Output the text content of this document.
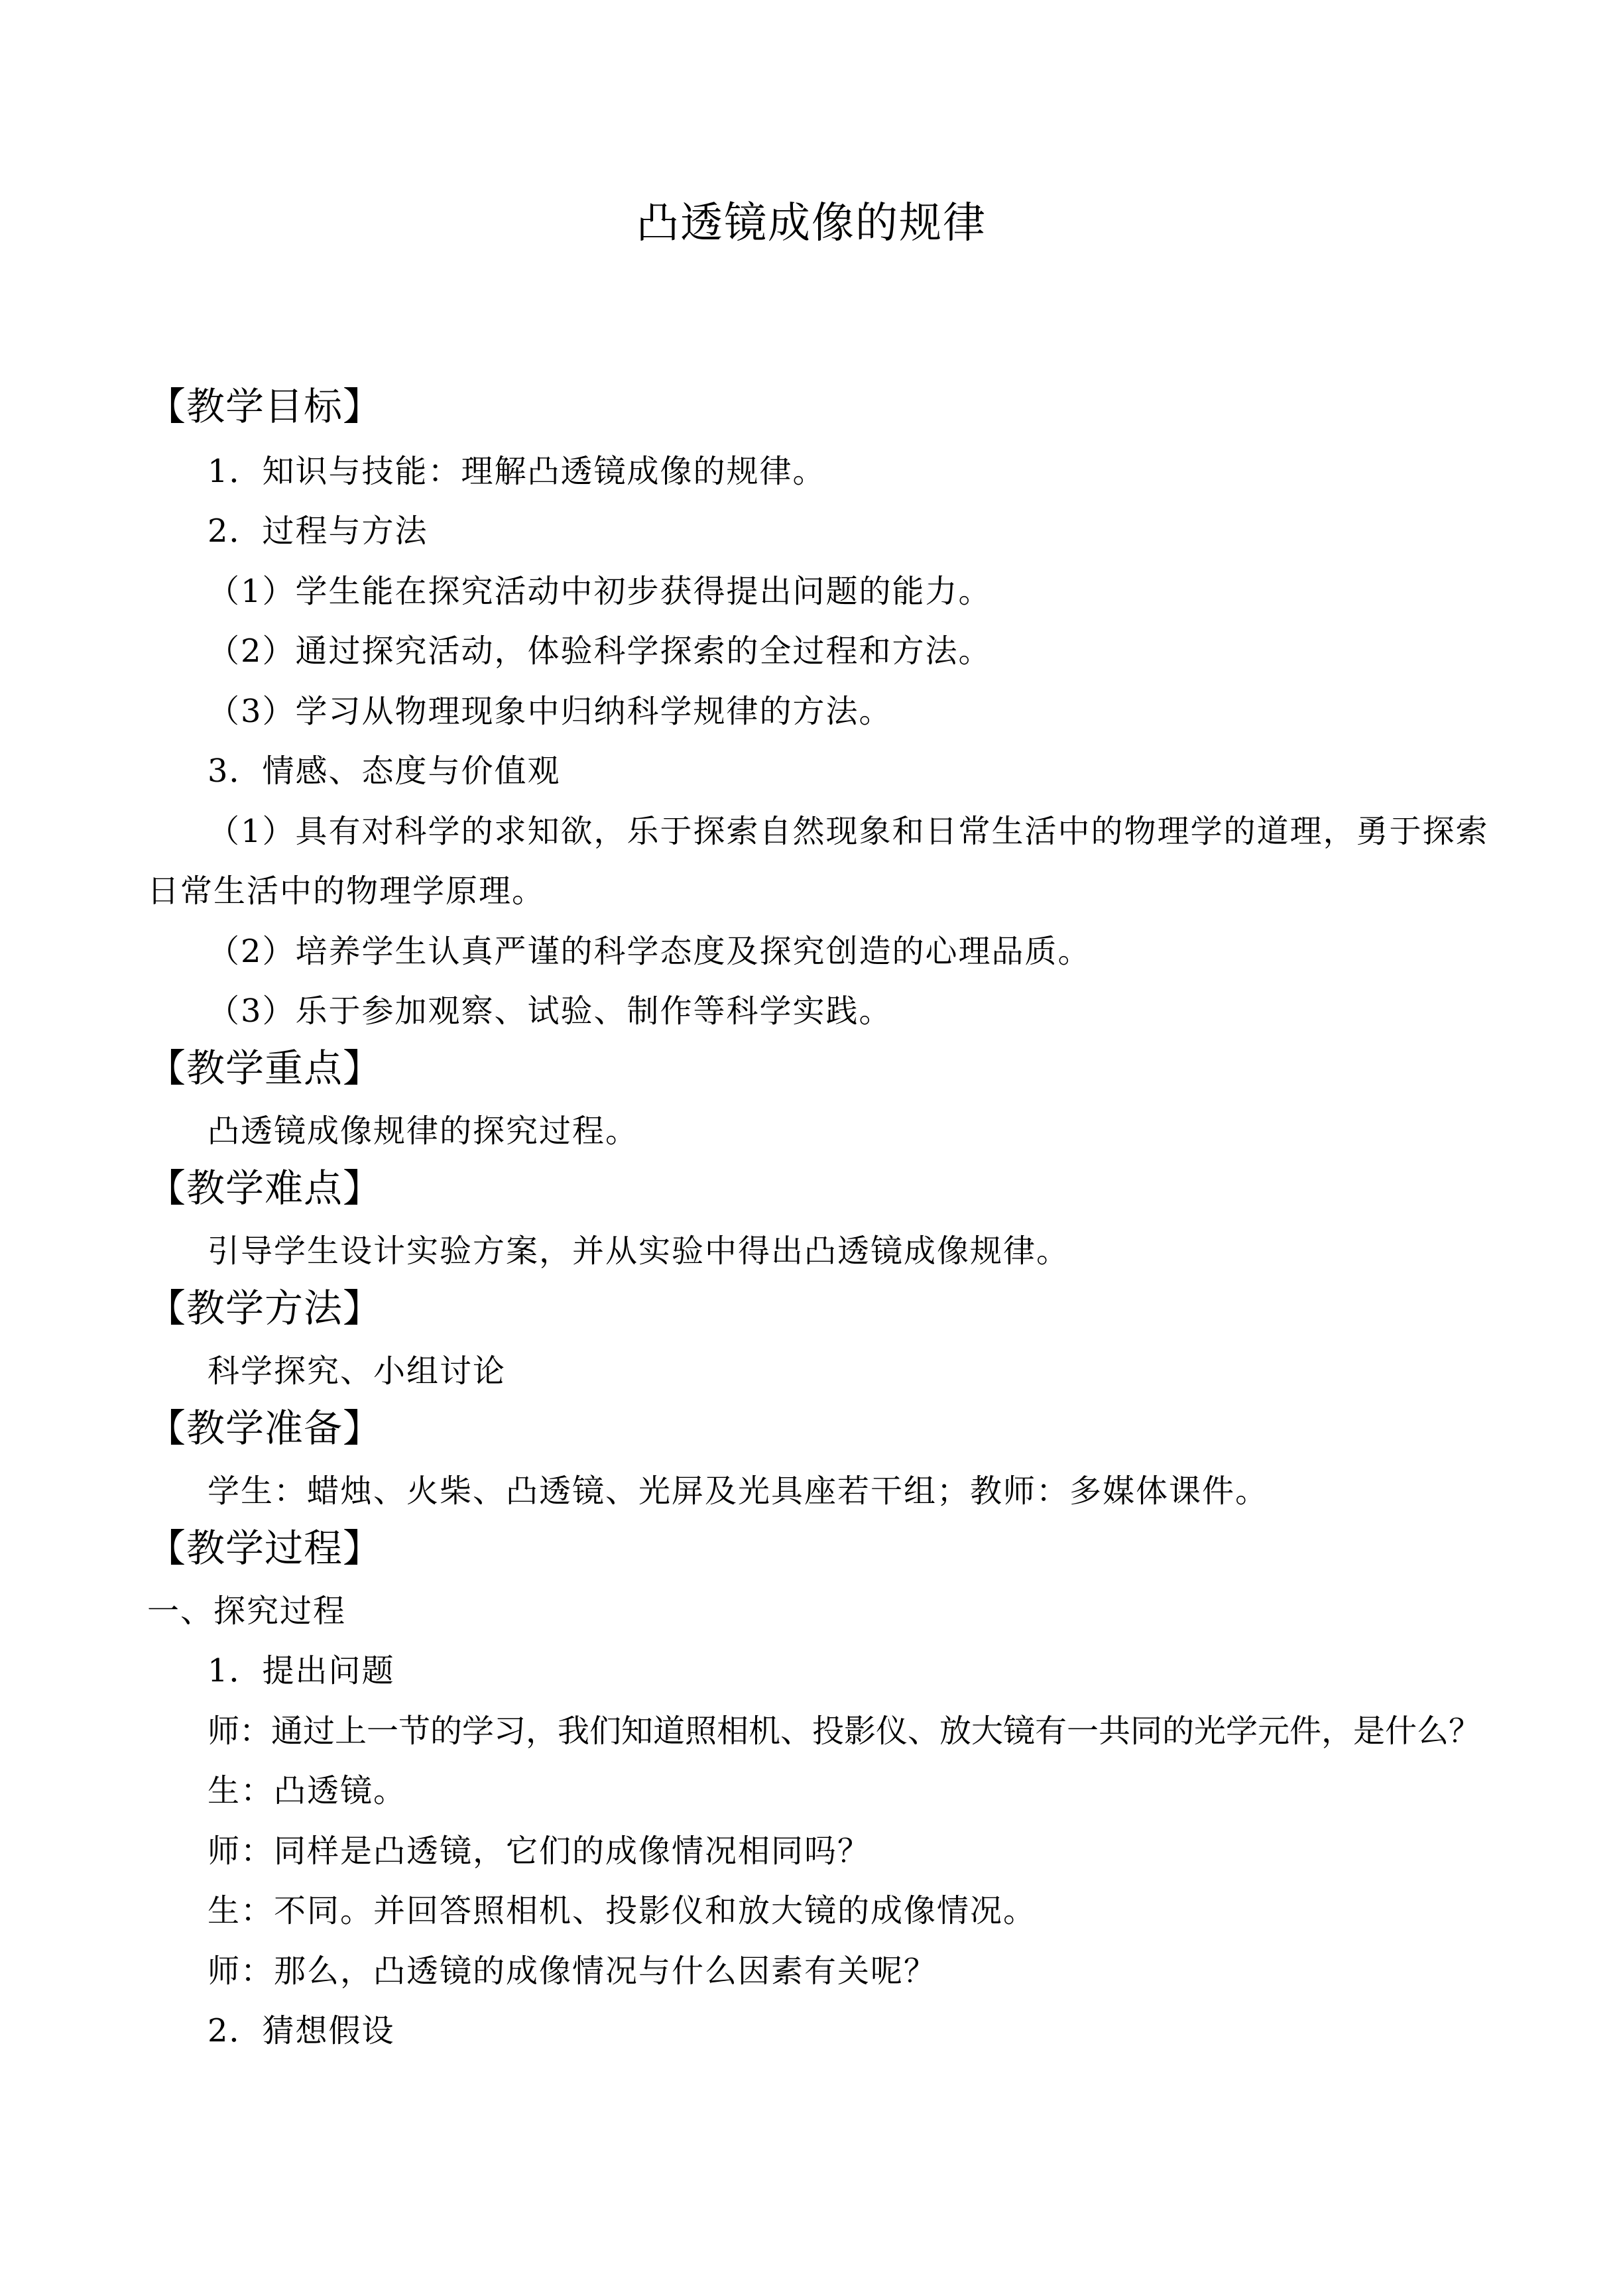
凸透镜成像的规律
【教学目标】
1．知识与技能：理解凸透镜成像的规律。
2．过程与方法
（1）学生能在探究活动中初步获得提出问题的能力。
（2）通过探究活动，体验科学探索的全过程和方法。
（3）学习从物理现象中归纳科学规律的方法。
3．情感、态度与价值观
（1）具有对科学的求知欲，乐于探索自然现象和日常生活中的物理学的道理，勇于探索
日常生活中的物理学原理。
（2）培养学生认真严谨的科学态度及探究创造的心理品质。
（3）乐于参加观察、试验、制作等科学实践。
【教学重点】
凸透镜成像规律的探究过程。
【教学难点】
引导学生设计实验方案，并从实验中得出凸透镜成像规律。
【教学方法】
科学探究、小组讨论
【教学准备】
学生：蜡烛、火柴、凸透镜、光屏及光具座若干组；教师：多媒体课件。
【教学过程】
一、探究过程
1．提出问题
师：通过上一节的学习，我们知道照相机、投影仪、放大镜有一共同的光学元件，是什么？
生：凸透镜。
师：同样是凸透镜，它们的成像情况相同吗？
生：不同。并回答照相机、投影仪和放大镜的成像情况。
师：那么，凸透镜的成像情况与什么因素有关呢？
2．猜想假设
